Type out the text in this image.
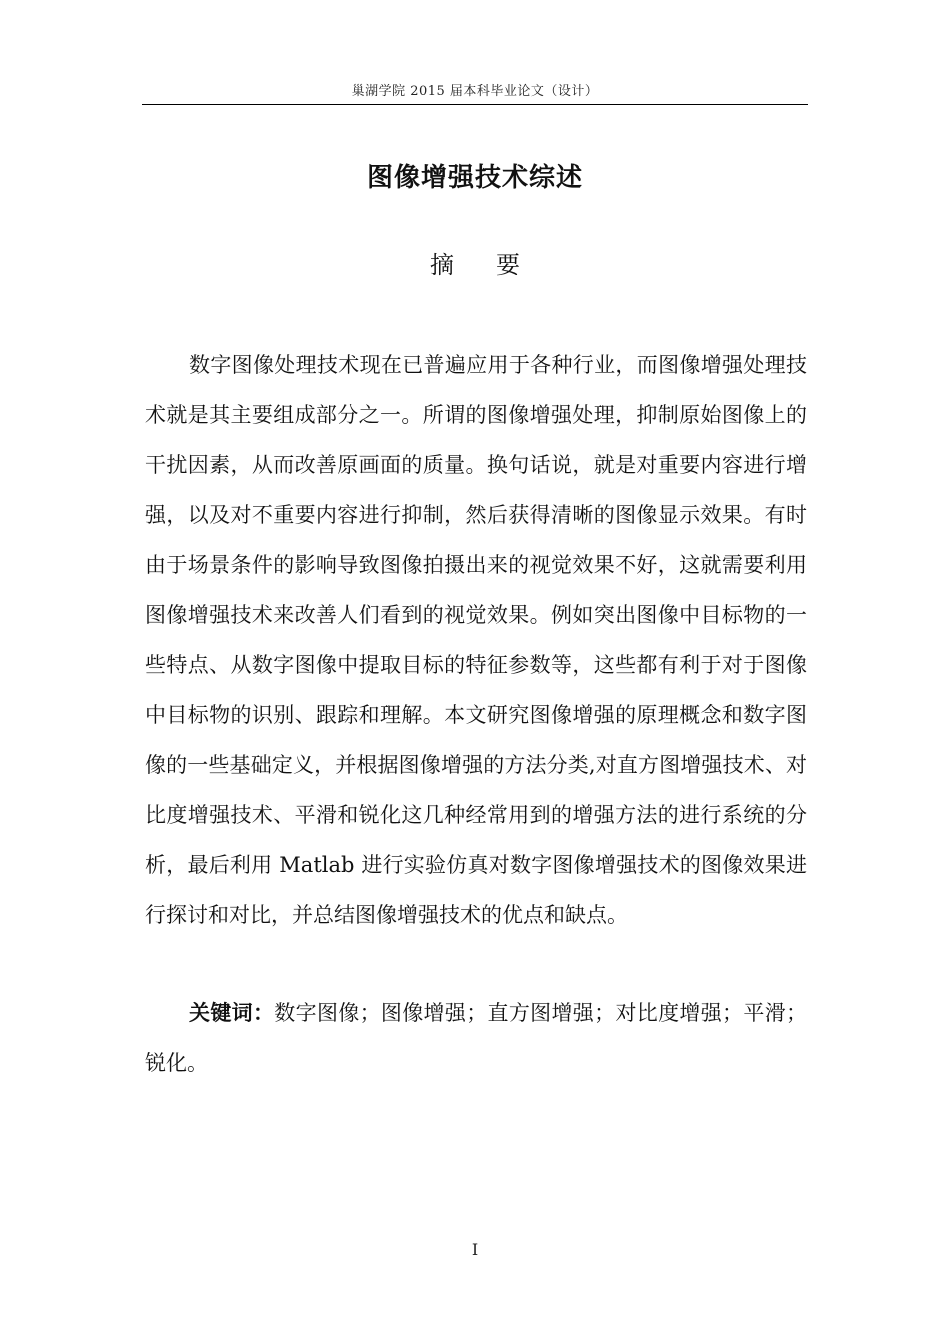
巢湖学院 2015 届本科毕业论文（设计）
图像增强技术综述
摘要

数字图像处理技术现在已普遍应用于各种行业，而图像增强处理技术就是其主要组成部分之一。所谓的图像增强处理，抑制原始图像上的干扰因素，从而改善原画面的质量。换句话说，就是对重要内容进行增强，以及对不重要内容进行抑制，然后获得清晰的图像显示效果。有时由于场景条件的影响导致图像拍摄出来的视觉效果不好，这就需要利用图像增强技术来改善人们看到的视觉效果。例如突出图像中目标物的一些特点、从数字图像中提取目标的特征参数等，这些都有利于对于图像中目标物的识别、跟踪和理解。本文研究图像增强的原理概念和数字图像的一些基础定义，并根据图像增强的方法分类,对直方图增强技术、对比度增强技术、平滑和锐化这几种经常用到的增强方法的进行系统的分析，最后利用 Matlab 进行实验仿真对数字图像增强技术的图像效果进行探讨和对比，并总结图像增强技术的优点和缺点。

关键词：数字图像；图像增强；直方图增强；对比度增强；平滑；锐化。

I
